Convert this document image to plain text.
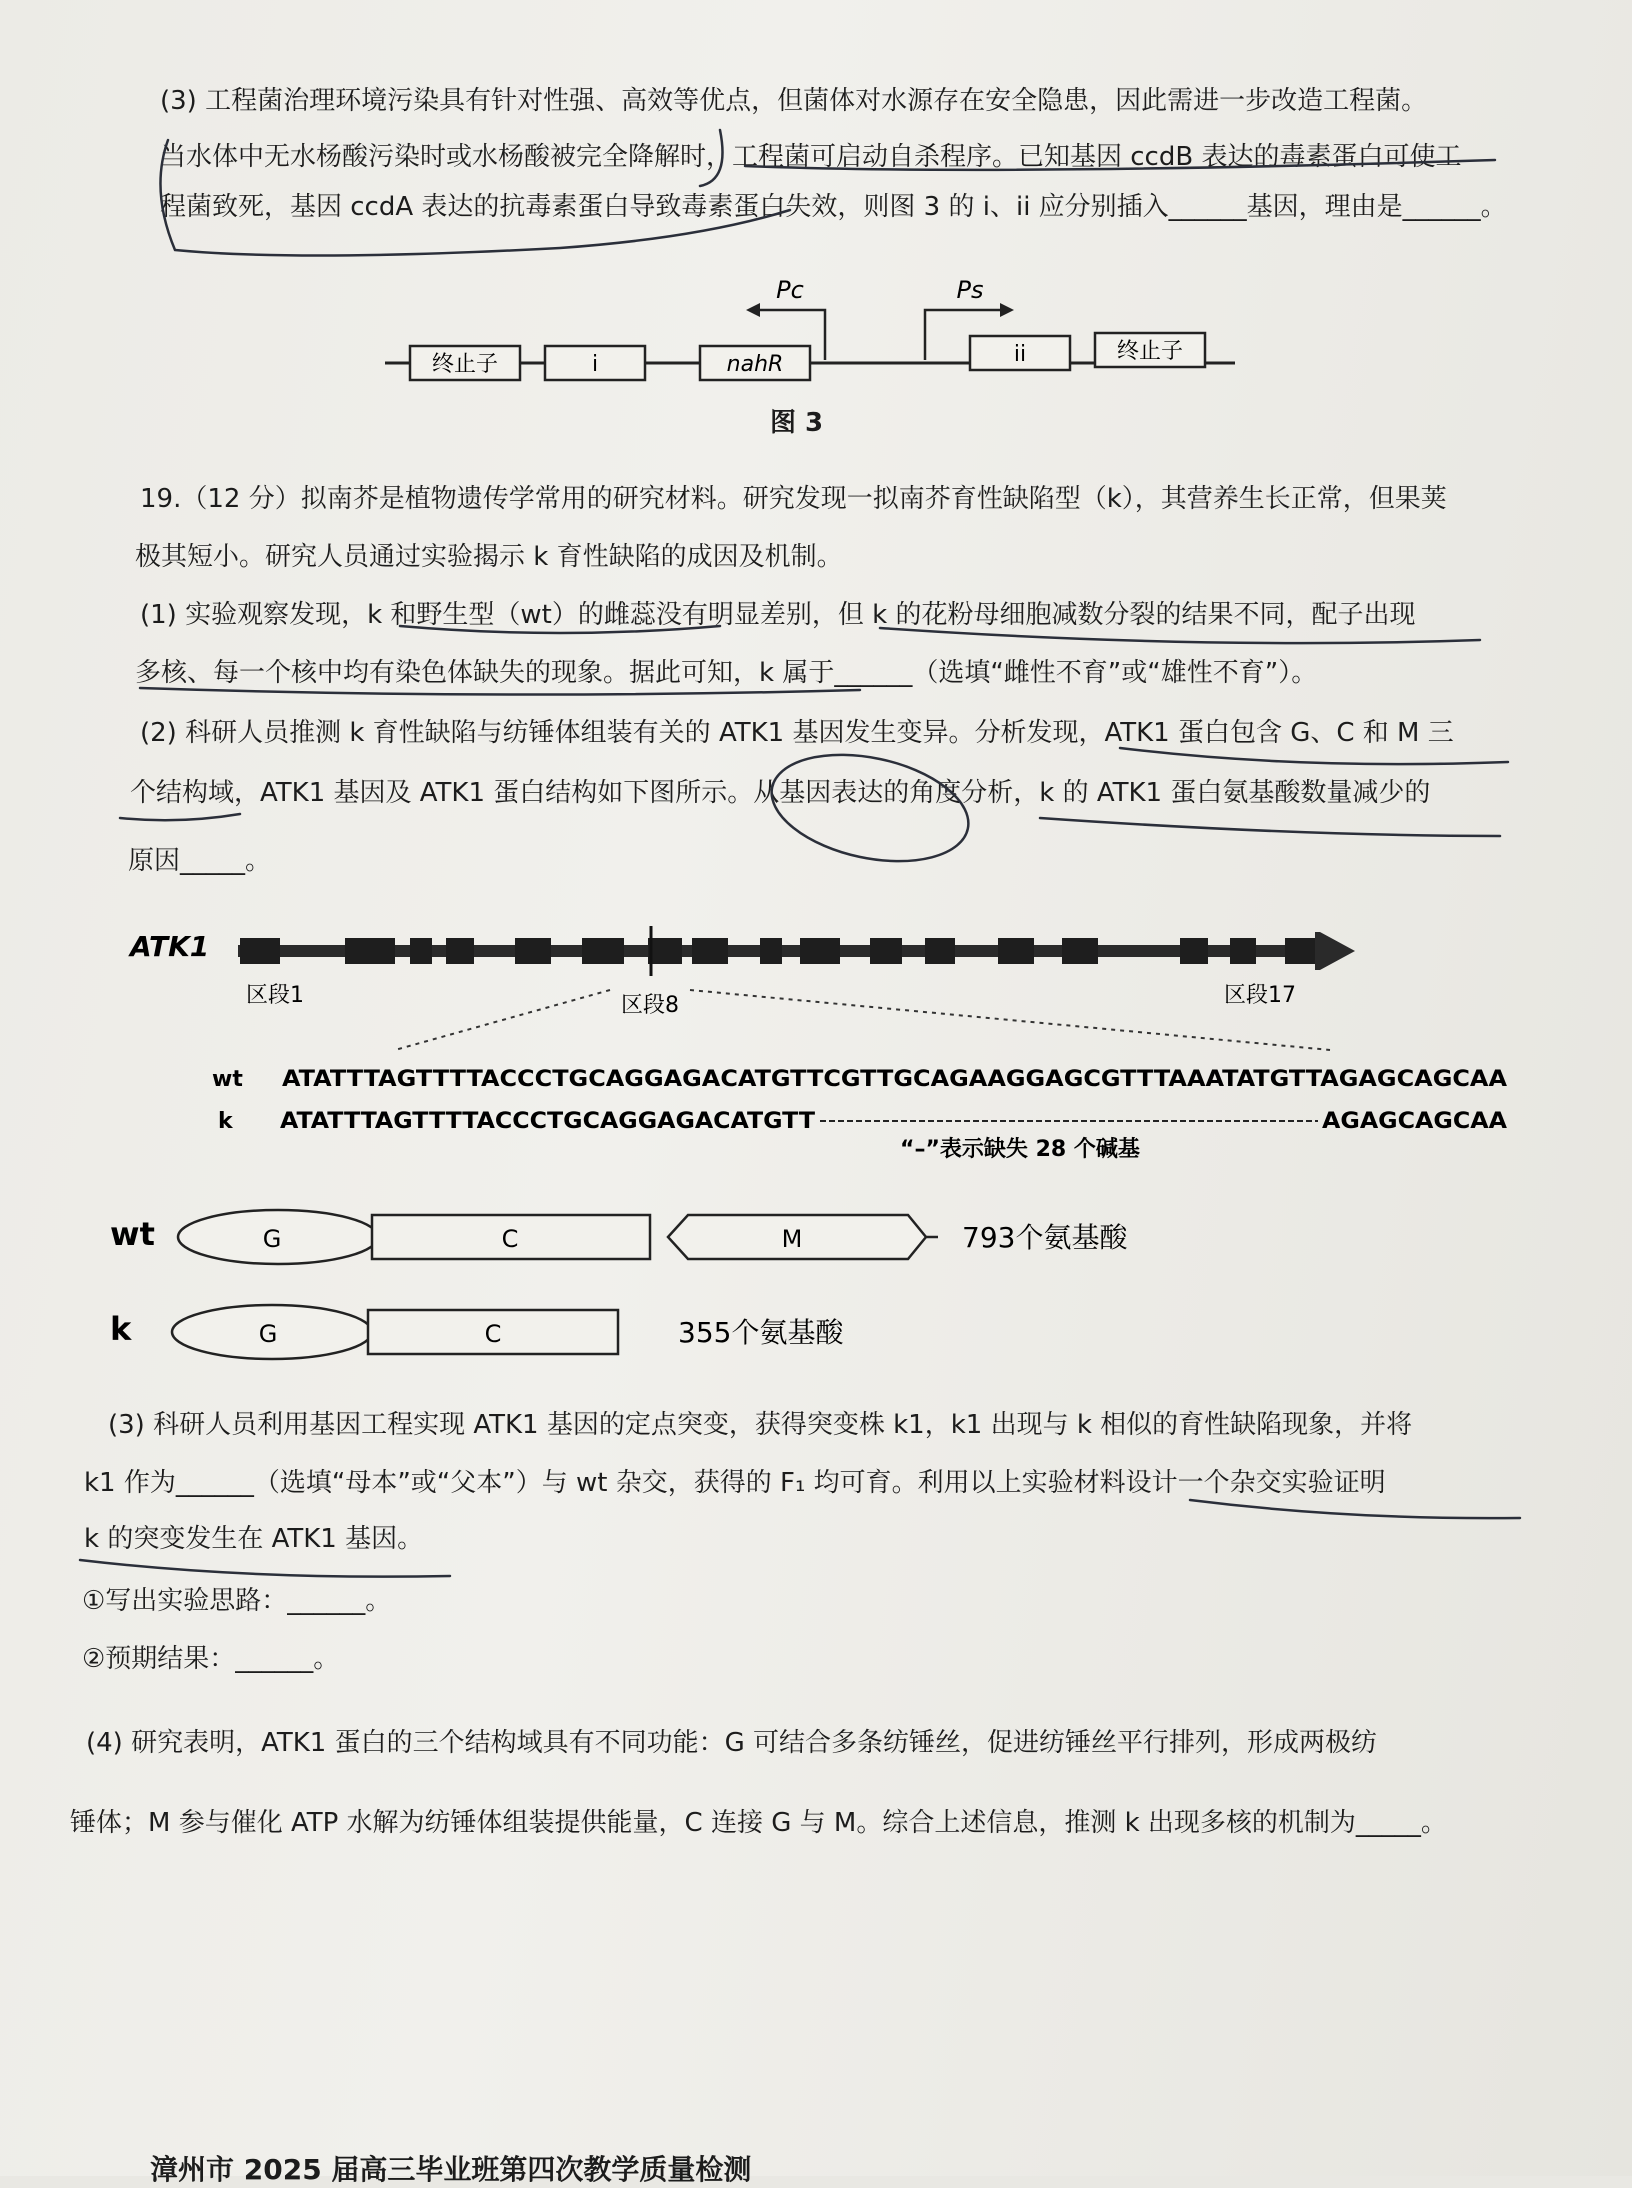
(3) 工程菌治理环境污染具有针对性强、高效等优点，但菌体对水源存在安全隐患，因此需进一步改造工程菌。
当水体中无水杨酸污染时或水杨酸被完全降解时，工程菌可启动自杀程序。已知基因 ccdB 表达的毒素蛋白可使工
程菌致死，基因 ccdA 表达的抗毒素蛋白导致毒素蛋白失效，则图 3 的 i、ii 应分别插入______基因，理由是______。
终止子	i	nahR	ii	终止子
Pc	Ps
图 3
19.（12 分）拟南芥是植物遗传学常用的研究材料。研究发现一拟南芥育性缺陷型（k），其营养生长正常，但果荚
极其短小。研究人员通过实验揭示 k 育性缺陷的成因及机制。
(1) 实验观察发现，k 和野生型（wt）的雌蕊没有明显差别，但 k 的花粉母细胞减数分裂的结果不同，配子出现
多核、每一个核中均有染色体缺失的现象。据此可知，k 属于______（选填“雌性不育”或“雄性不育”）。
(2) 科研人员推测 k 育性缺陷与纺锤体组装有关的 ATK1 基因发生变异。分析发现，ATK1 蛋白包含 G、C 和 M 三
个结构域，ATK1 基因及 ATK1 蛋白结构如下图所示。从基因表达的角度分析，k 的 ATK1 蛋白氨基酸数量减少的
原因_____。
ATK1
区段1	区段8	区段17
wt ATATTTAGTTTTACCCTGCAGGAGACATGTTCGTTGCAGAAGGAGCGTTTAAATATGTTAGAGCAGCAA
k ATATTTAGTTTTACCCTGCAGGAGACATGTT	AGAGCAGCAA
“–”表示缺失 28 个碱基
wt	G	C	M	793个氨基酸
k	G	C	355个氨基酸
(3) 科研人员利用基因工程实现 ATK1 基因的定点突变，获得突变株 k1，k1 出现与 k 相似的育性缺陷现象，并将
k1 作为______（选填“母本”或“父本”）与 wt 杂交，获得的 F₁ 均可育。利用以上实验材料设计一个杂交实验证明
k 的突变发生在 ATK1 基因。
①写出实验思路：______。
②预期结果：______。
(4) 研究表明，ATK1 蛋白的三个结构域具有不同功能：G 可结合多条纺锤丝，促进纺锤丝平行排列，形成两极纺
锤体；M 参与催化 ATP 水解为纺锤体组装提供能量，C 连接 G 与 M。综合上述信息，推测 k 出现多核的机制为_____。
漳州市 2025 届高三毕业班第四次教学质量检测
